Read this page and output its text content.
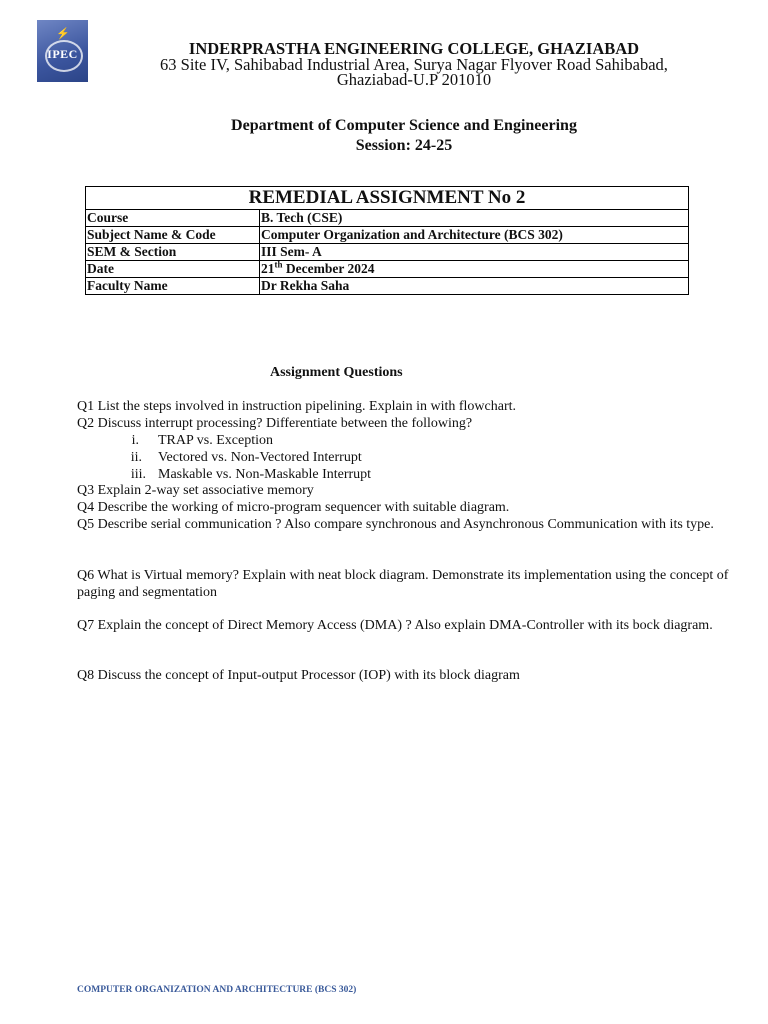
⚡
IPEC	INDERPRASTHA ENGINEERING COLLEGE, GHAZIABAD
63 Site IV, Sahibabad Industrial Area, Surya Nagar Flyover Road Sahibabad,
Ghaziabad-U.P 201010
Department of Computer Science and Engineering
Session: 24-25
REMEDIAL ASSIGNMENT No 2	
Course	B. Tech (CSE)
Subject Name & Code	Computer Organization and Architecture (BCS 302)
SEM & Section	III Sem- A
Date	21th December 2024
Faculty Name	Dr Rekha Saha
Assignment Questions
Q1 List the steps involved in instruction pipelining. Explain in with flowchart.
Q2 Discuss interrupt processing? Differentiate between the following?
i. TRAP vs. Exception
ii. Vectored vs. Non-Vectored Interrupt
iii. Maskable vs. Non-Maskable Interrupt
Q3 Explain 2-way set associative memory
Q4 Describe the working of micro-program sequencer with suitable diagram.
Q5 Describe serial communication ? Also compare synchronous and Asynchronous Communication with its type.
Q6 What is Virtual memory? Explain with neat block diagram. Demonstrate its implementation using the concept of paging and segmentation
Q7 Explain the concept of Direct Memory Access (DMA) ? Also explain DMA-Controller with its bock diagram.
Q8 Discuss the concept of Input-output Processor (IOP) with its block diagram
COMPUTER ORGANIZATION AND ARCHITECTURE (BCS 302)
